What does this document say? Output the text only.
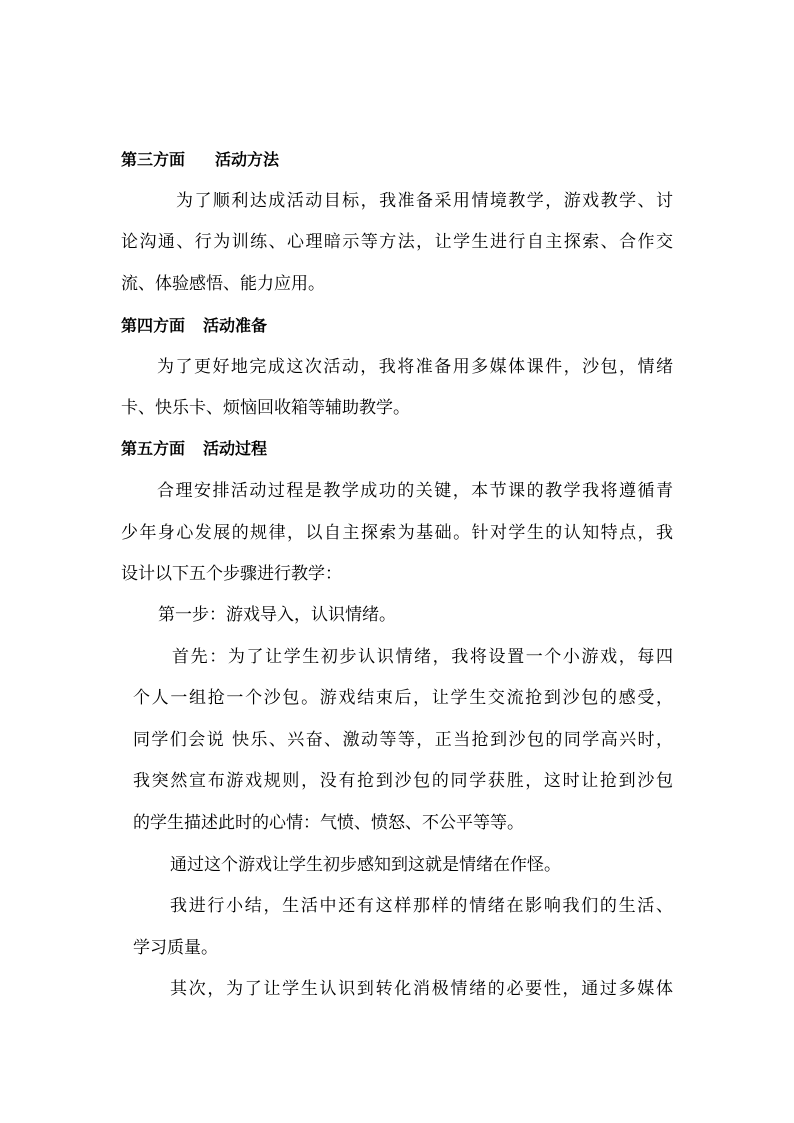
第三方面 活动方法
为了顺利达成活动目标，我准备采用情境教学，游戏教学、讨
论沟通、行为训练、心理暗示等方法，让学生进行自主探索、合作交
流、体验感悟、能力应用。
第四方面 活动准备
为了更好地完成这次活动，我将准备用多媒体课件，沙包，情绪
卡、快乐卡、烦恼回收箱等辅助教学。
第五方面 活动过程
合理安排活动过程是教学成功的关键，本节课的教学我将遵循青
少年身心发展的规律，以自主探索为基础。针对学生的认知特点，我
设计以下五个步骤进行教学：
第一步：游戏导入，认识情绪。
首先：为了让学生初步认识情绪，我将设置一个小游戏，每四
个人一组抢一个沙包。游戏结束后，让学生交流抢到沙包的感受，
同学们会说 快乐、兴奋、激动等等，正当抢到沙包的同学高兴时，
我突然宣布游戏规则，没有抢到沙包的同学获胜，这时让抢到沙包
的学生描述此时的心情：气愤、愤怒、不公平等等。
通过这个游戏让学生初步感知到这就是情绪在作怪。
我进行小结，生活中还有这样那样的情绪在影响我们的生活、
学习质量。
其次，为了让学生认识到转化消极情绪的必要性，通过多媒体
